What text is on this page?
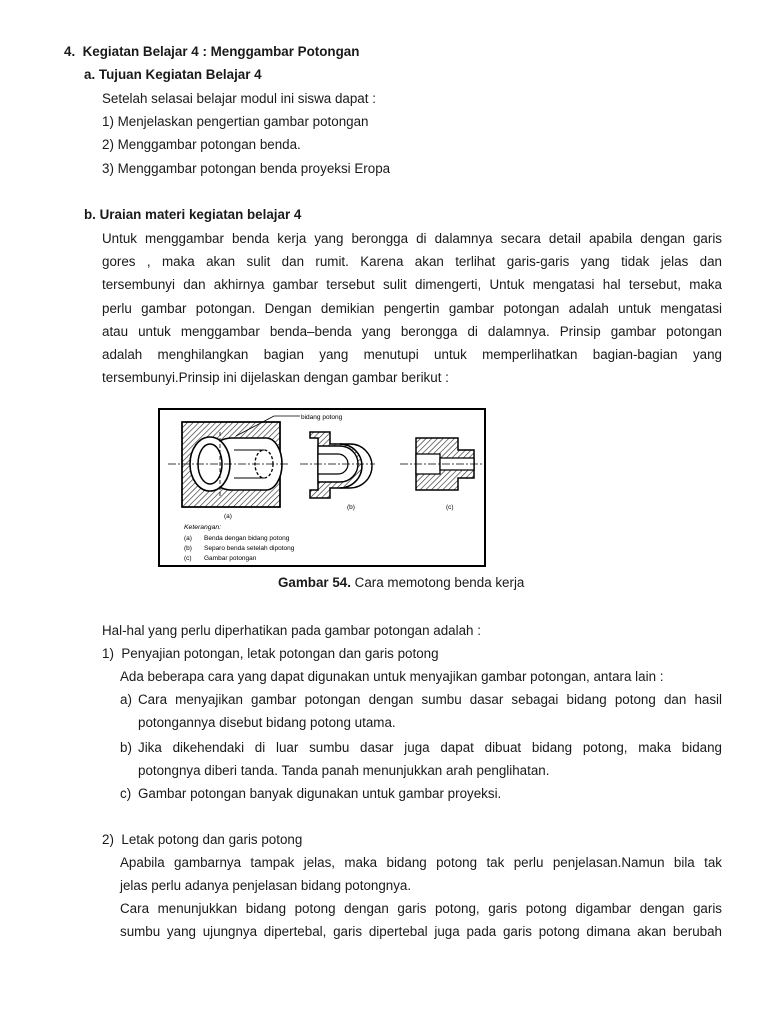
4. Kegiatan Belajar 4 : Menggambar Potongan
a. Tujuan Kegiatan Belajar 4
Setelah selasai belajar modul ini siswa dapat :
1) Menjelaskan pengertian gambar potongan
2) Menggambar potongan benda.
3) Menggambar potongan benda proyeksi Eropa
b. Uraian materi kegiatan belajar 4
Untuk menggambar benda kerja yang berongga di dalamnya secara detail apabila dengan garis
gores , maka akan sulit dan rumit. Karena akan terlihat garis-garis yang tidak jelas dan
tersembunyi dan akhirnya gambar tersebut sulit dimengerti, Untuk mengatasi hal tersebut, maka
perlu gambar potongan. Dengan demikian pengertin gambar potongan adalah untuk mengatasi
atau untuk menggambar benda–benda yang berongga di dalamnya. Prinsip gambar potongan
adalah menghilangkan bagian yang menutupi untuk memperlihatkan bagian-bagian yang
tersembunyi.Prinsip ini dijelaskan dengan gambar berikut :
bidang potong
(a)
(b)	(c)
Keterangan:
(a) Benda dengan bidang potong
(b) Separo benda setelah dipotong
(c) Gambar potongan
Gambar 54. Cara memotong benda kerja
Hal-hal yang perlu diperhatikan pada gambar potongan adalah :
1) Penyajian potongan, letak potongan dan garis potong
Ada beberapa cara yang dapat digunakan untuk menyajikan gambar potongan, antara lain :
a) Cara menyajikan gambar potongan dengan sumbu dasar sebagai bidang potong dan hasil
potongannya disebut bidang potong utama.
b) Jika dikehendaki di luar sumbu dasar juga dapat dibuat bidang potong, maka bidang
potongnya diberi tanda. Tanda panah menunjukkan arah penglihatan.
c) Gambar potongan banyak digunakan untuk gambar proyeksi.
2) Letak potong dan garis potong
Apabila gambarnya tampak jelas, maka bidang potong tak perlu penjelasan.Namun bila tak
jelas perlu adanya penjelasan bidang potongnya.
Cara menunjukkan bidang potong dengan garis potong, garis potong digambar dengan garis
sumbu yang ujungnya dipertebal, garis dipertebal juga pada garis potong dimana akan berubah
